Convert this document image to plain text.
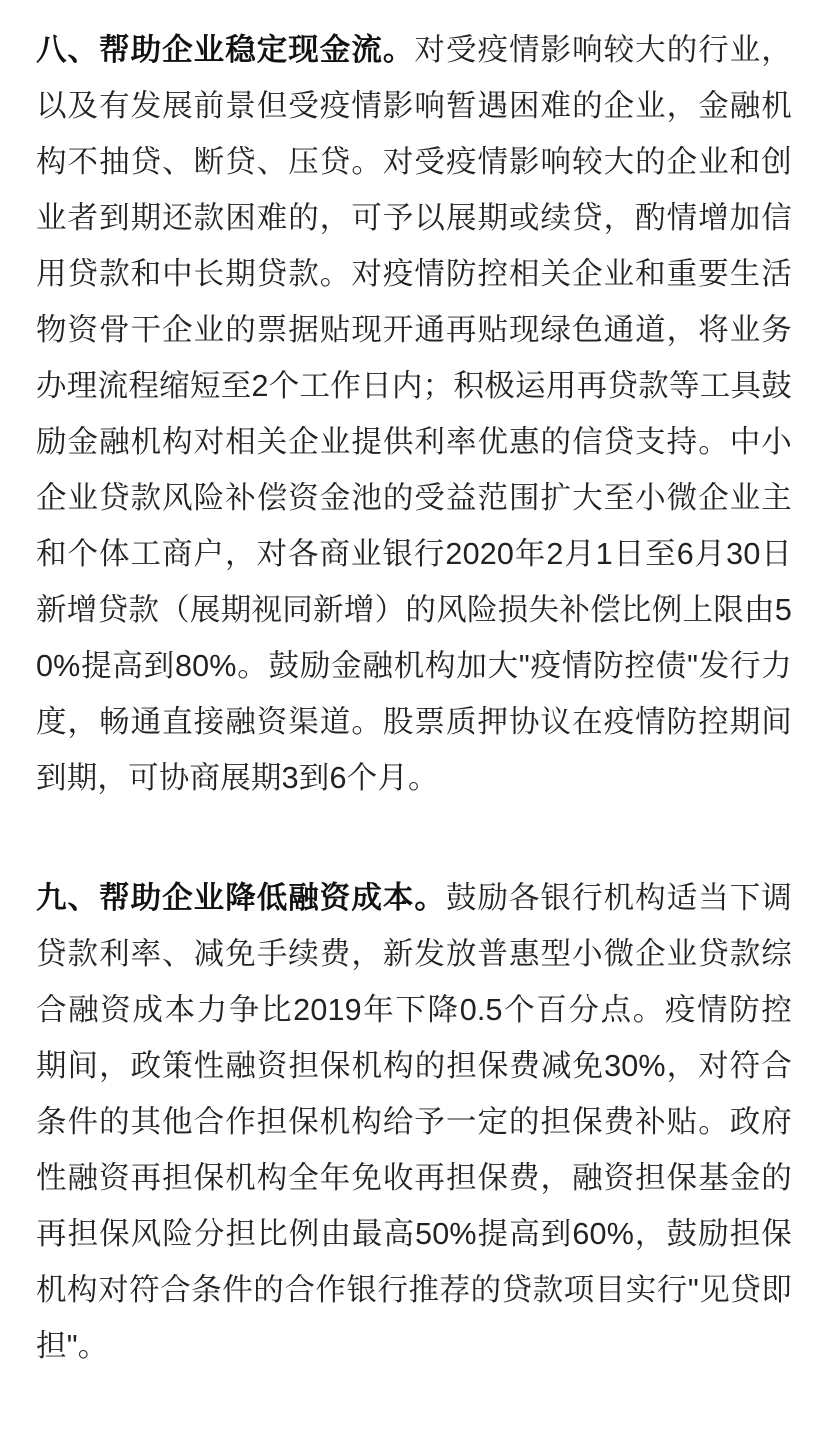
八、帮助企业稳定现金流。对受疫情影响较大的行业，以及有发展前景但受疫情影响暂遇困难的企业，金融机构不抽贷、断贷、压贷。对受疫情影响较大的企业和创业者到期还款困难的，可予以展期或续贷，酌情增加信用贷款和中长期贷款。对疫情防控相关企业和重要生活物资骨干企业的票据贴现开通再贴现绿色通道，将业务办理流程缩短至2个工作日内；积极运用再贷款等工具鼓励金融机构对相关企业提供利率优惠的信贷支持。中小企业贷款风险补偿资金池的受益范围扩大至小微企业主和个体工商户，对各商业银行2020年2月1日至6月30日新增贷款（展期视同新增）的风险损失补偿比例上限由50%提高到80%。鼓励金融机构加大"疫情防控债"发行力度，畅通直接融资渠道。股票质押协议在疫情防控期间到期，可协商展期3到6个月。

九、帮助企业降低融资成本。鼓励各银行机构适当下调贷款利率、减免手续费，新发放普惠型小微企业贷款综合融资成本力争比2019年下降0.5个百分点。疫情防控期间，政策性融资担保机构的担保费减免30%，对符合条件的其他合作担保机构给予一定的担保费补贴。政府性融资再担保机构全年免收再担保费，融资担保基金的再担保风险分担比例由最高50%提高到60%，鼓励担保机构对符合条件的合作银行推荐的贷款项目实行"见贷即担"。
